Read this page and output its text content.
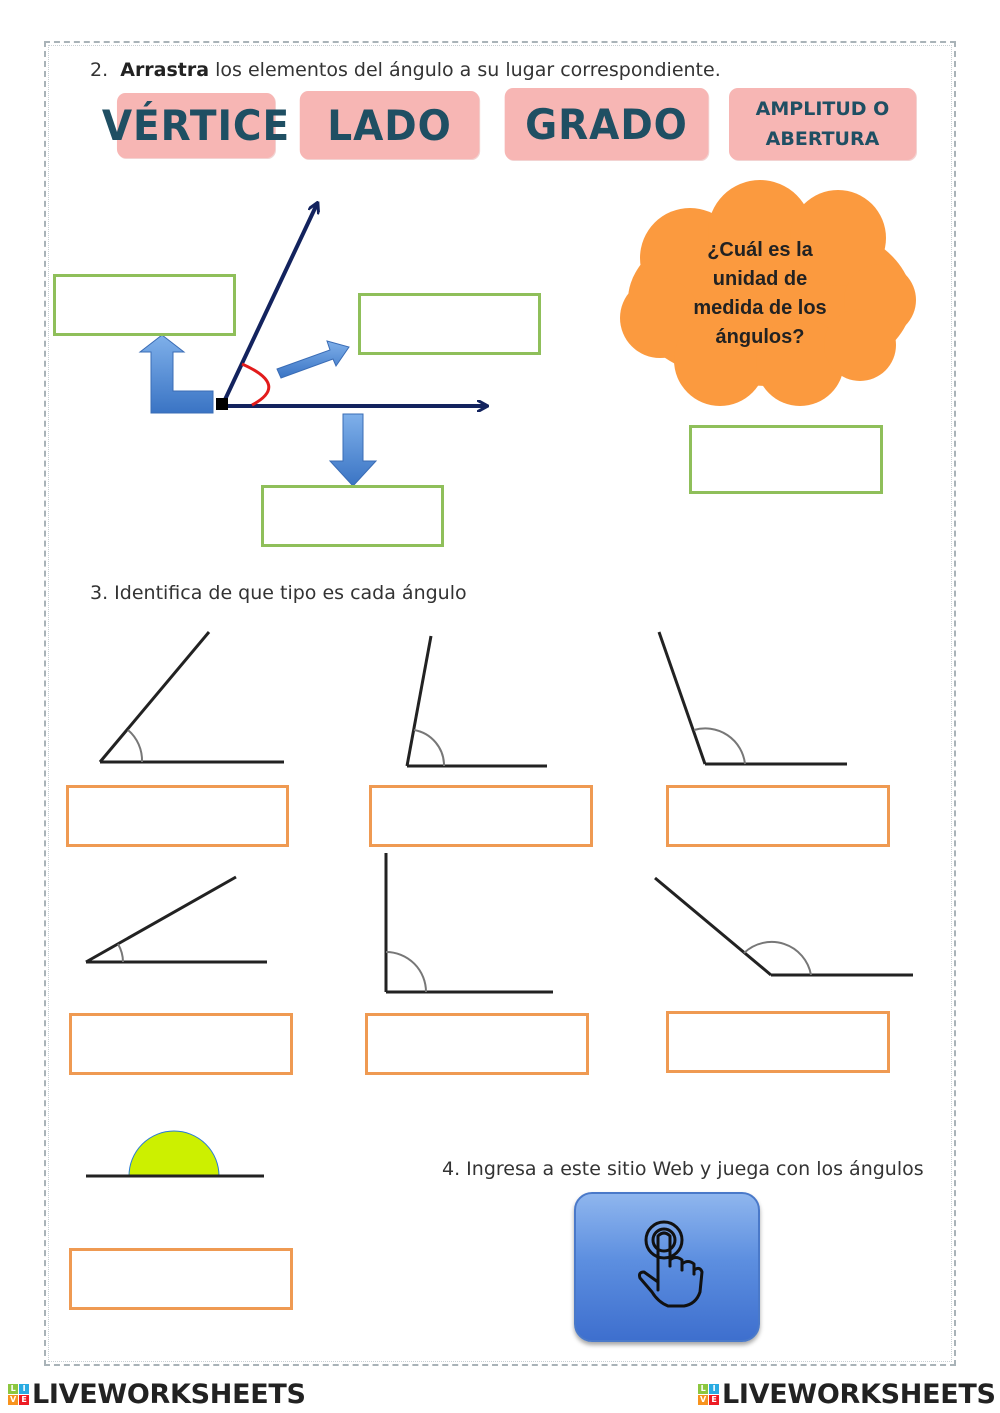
2. Arrastra los elementos del ángulo a su lugar correspondiente.
VÉRTICE LADO GRADO	AMPLITUD O
ABERTURA
¿Cuál es la
unidad de
medida de los
ángulos?
3. Identifica de que tipo es cada ángulo
4. Ingresa a este sitio Web y juega con los ángulos
L I
V E LIVEWORKSHEETS	L I
V E LIVEWORKSHEETS
